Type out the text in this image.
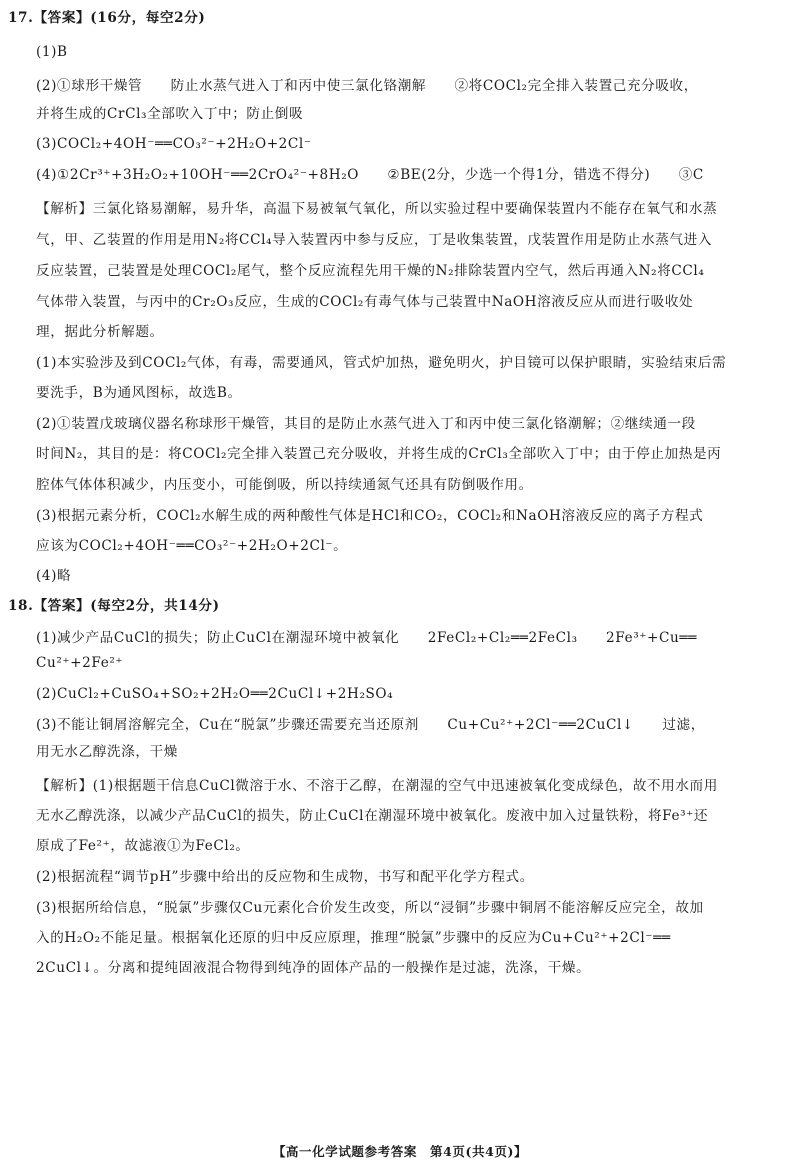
17.【答案】(16分，每空2分)
(1)B
(2)①球形干燥管　　防止水蒸气进入丁和丙中使三氯化铬潮解　　②将COCl₂完全排入装置己充分吸收，
并将生成的CrCl₃全部吹入丁中；防止倒吸
(3)COCl₂+4OH⁻══CO₃²⁻+2H₂O+2Cl⁻
(4)①2Cr³⁺+3H₂O₂+10OH⁻══2CrO₄²⁻+8H₂O　　②BE(2分，少选一个得1分，错选不得分)　　③C
【解析】三氯化铬易潮解，易升华，高温下易被氧气氧化，所以实验过程中要确保装置内不能存在氧气和水蒸
气，甲、乙装置的作用是用N₂将CCl₄导入装置丙中参与反应，丁是收集装置，戊装置作用是防止水蒸气进入
反应装置，己装置是处理COCl₂尾气，整个反应流程先用干燥的N₂排除装置内空气，然后再通入N₂将CCl₄
气体带入装置，与丙中的Cr₂O₃反应，生成的COCl₂有毒气体与己装置中NaOH溶液反应从而进行吸收处
理，据此分析解题。
(1)本实验涉及到COCl₂气体，有毒，需要通风，管式炉加热，避免明火，护目镜可以保护眼睛，实验结束后需
要洗手，B为通风图标，故选B。
(2)①装置戊玻璃仪器名称球形干燥管，其目的是防止水蒸气进入丁和丙中使三氯化铬潮解；②继续通一段
时间N₂，其目的是：将COCl₂完全排入装置己充分吸收，并将生成的CrCl₃全部吹入丁中；由于停止加热是丙
腔体气体体积减少，内压变小，可能倒吸，所以持续通氮气还具有防倒吸作用。
(3)根据元素分析，COCl₂水解生成的两种酸性气体是HCl和CO₂，COCl₂和NaOH溶液反应的离子方程式
应该为COCl₂+4OH⁻══CO₃²⁻+2H₂O+2Cl⁻。
(4)略
18.【答案】(每空2分，共14分)
(1)减少产品CuCl的损失；防止CuCl在潮湿环境中被氧化　　2FeCl₂+Cl₂══2FeCl₃　　2Fe³⁺+Cu══
Cu²⁺+2Fe²⁺
(2)CuCl₂+CuSO₄+SO₂+2H₂O══2CuCl↓+2H₂SO₄
(3)不能让铜屑溶解完全，Cu在“脱氯”步骤还需要充当还原剂　　Cu+Cu²⁺+2Cl⁻══2CuCl↓　　过滤，
用无水乙醇洗涤，干燥
【解析】(1)根据题干信息CuCl微溶于水、不溶于乙醇，在潮湿的空气中迅速被氧化变成绿色，故不用水而用
无水乙醇洗涤，以减少产品CuCl的损失，防止CuCl在潮湿环境中被氧化。废液中加入过量铁粉，将Fe³⁺还
原成了Fe²⁺，故滤液①为FeCl₂。
(2)根据流程“调节pH”步骤中给出的反应物和生成物，书写和配平化学方程式。
(3)根据所给信息，“脱氯”步骤仅Cu元素化合价发生改变，所以“浸铜”步骤中铜屑不能溶解反应完全，故加
入的H₂O₂不能足量。根据氧化还原的归中反应原理，推理“脱氯”步骤中的反应为Cu+Cu²⁺+2Cl⁻══
2CuCl↓。分离和提纯固液混合物得到纯净的固体产品的一般操作是过滤，洗涤，干燥。
【高一化学试题参考答案　第4页(共4页)】
